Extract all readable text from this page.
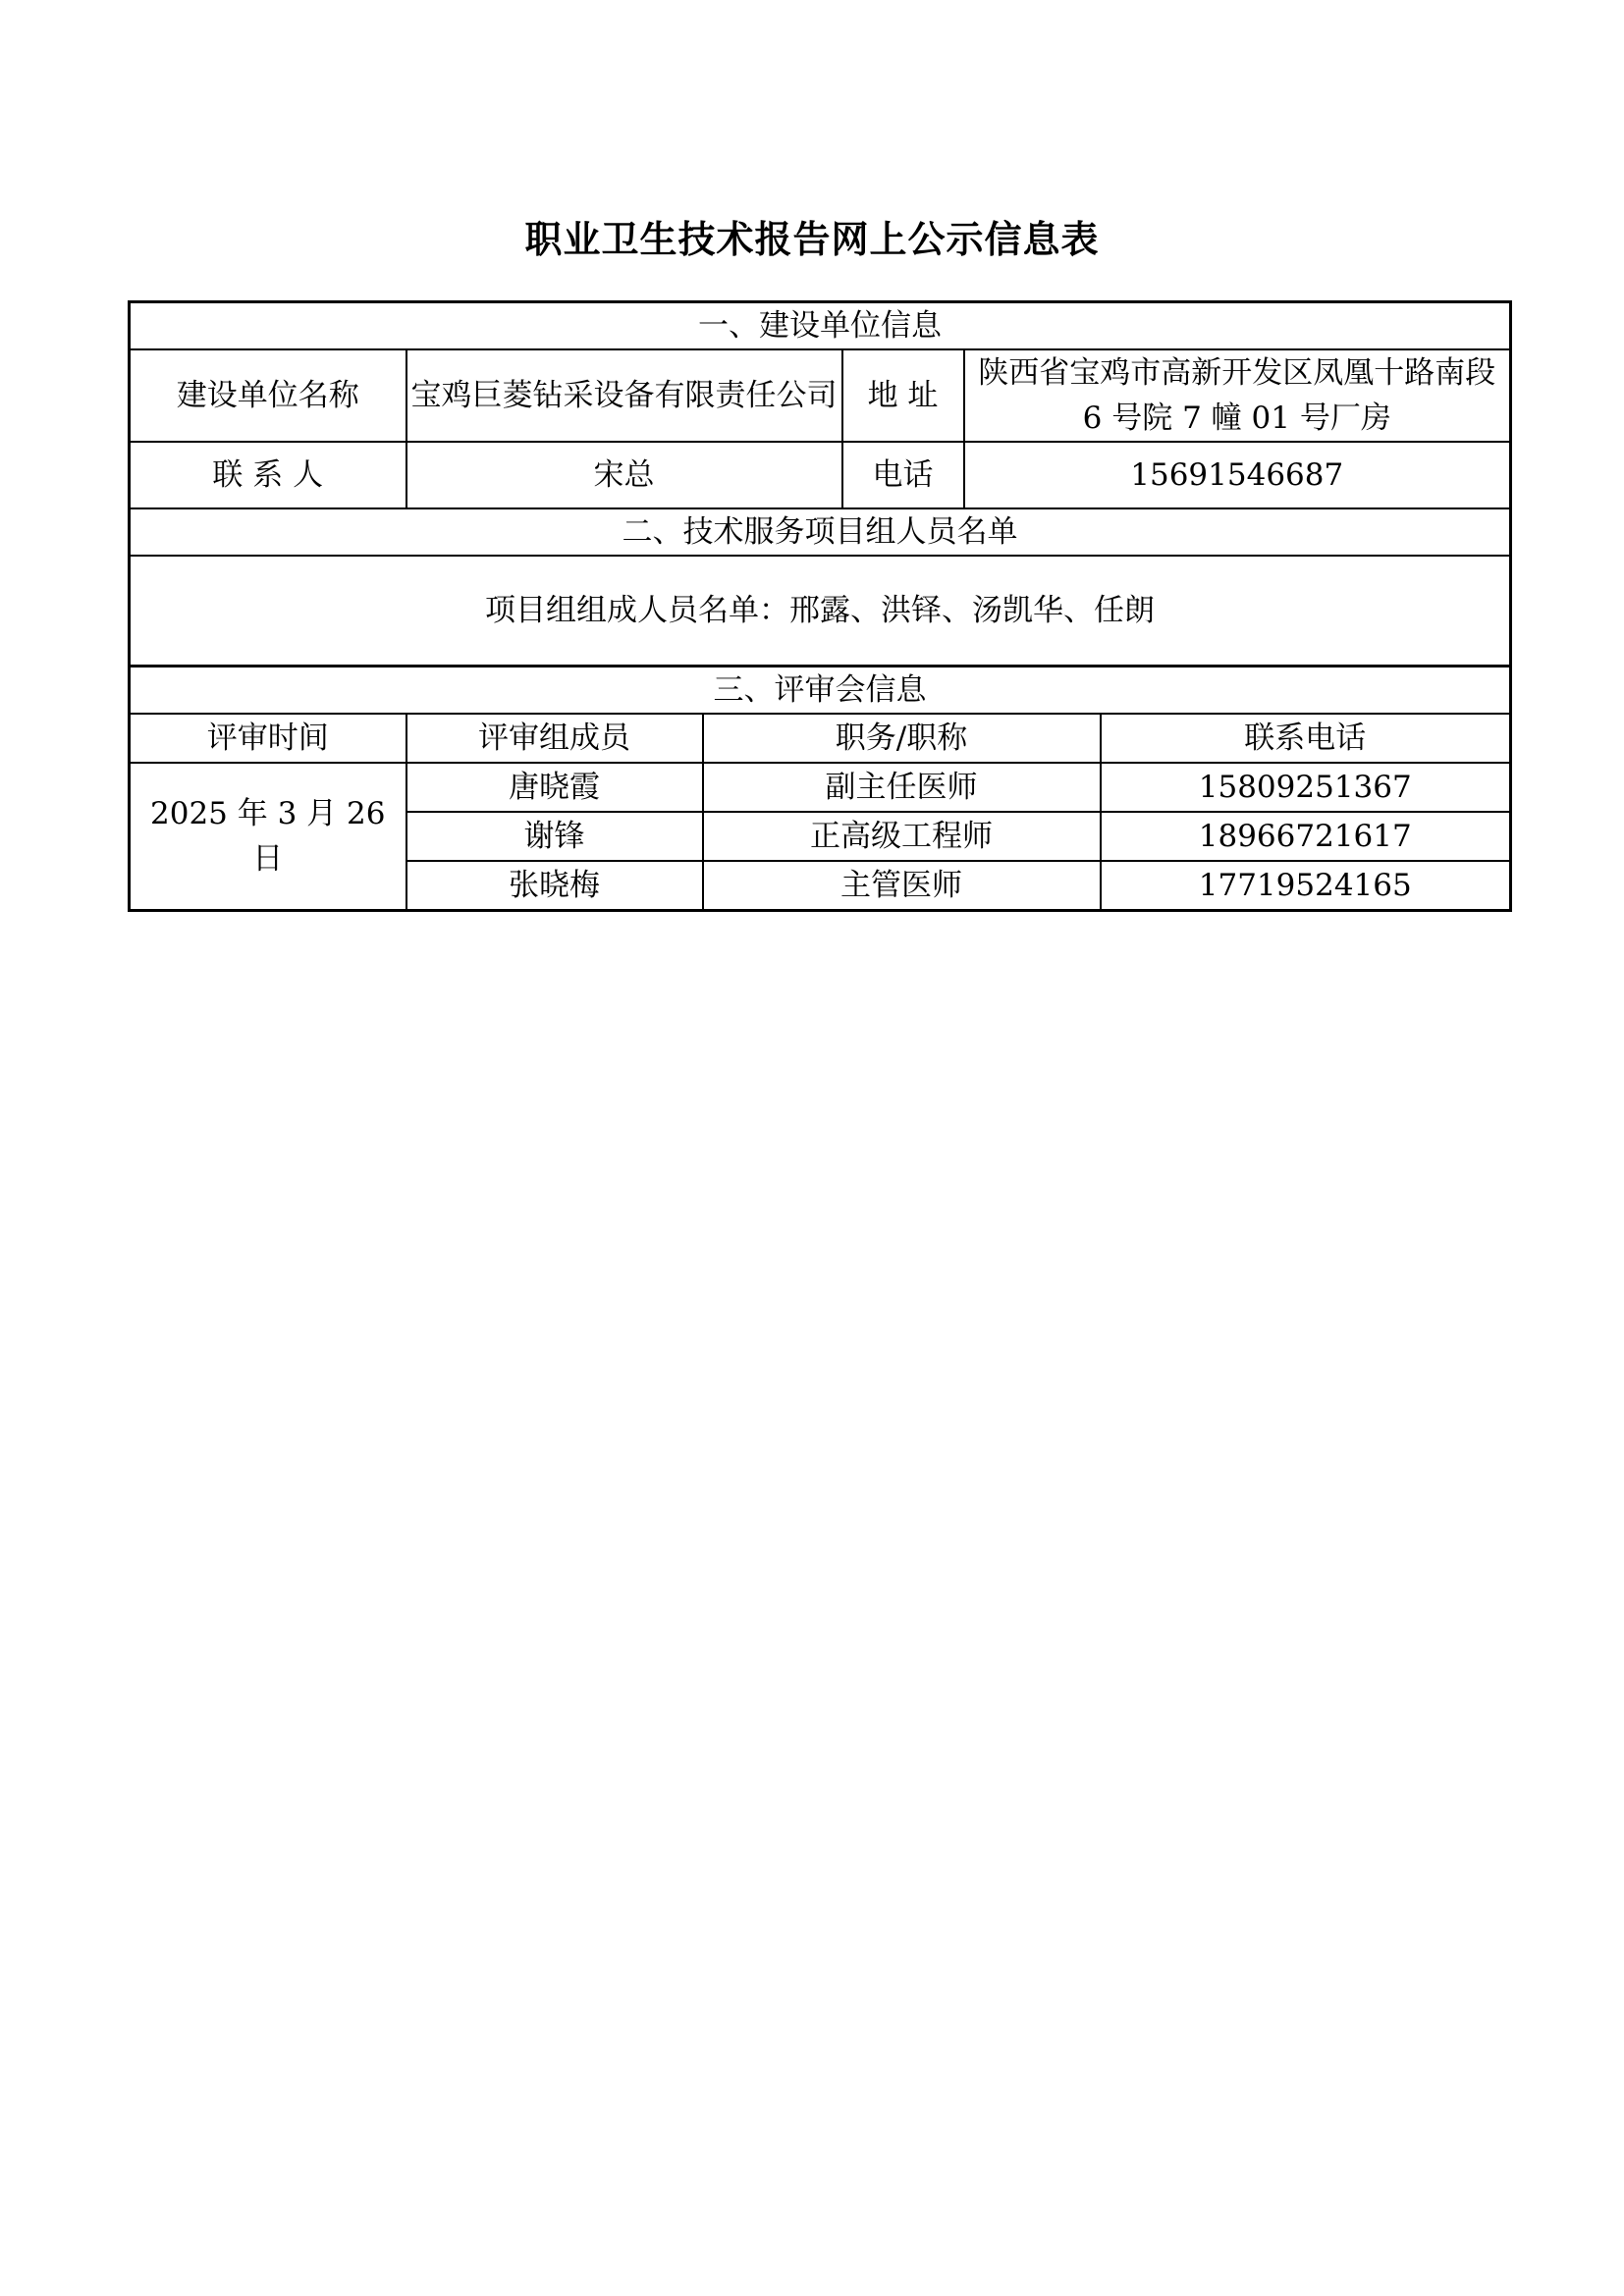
职业卫生技术报告网上公示信息表
一、建设单位信息			
建设单位名称	宝鸡巨菱钻采设备有限责任公司	地 址	陕西省宝鸡市高新开发区凤凰十路南段 6 号院 7 幢 01 号厂房
联 系 人	宋总	电话	15691546687
二、技术服务项目组人员名单			
项目组组成人员名单：邢露、洪铎、汤凯华、任朗			
三、评审会信息			
评审时间	评审组成员	职务/职称	联系电话
2025 年 3 月 26 日	唐晓霞	副主任医师	15809251367
	谢锋	正高级工程师	18966721617
	张晓梅	主管医师	17719524165
